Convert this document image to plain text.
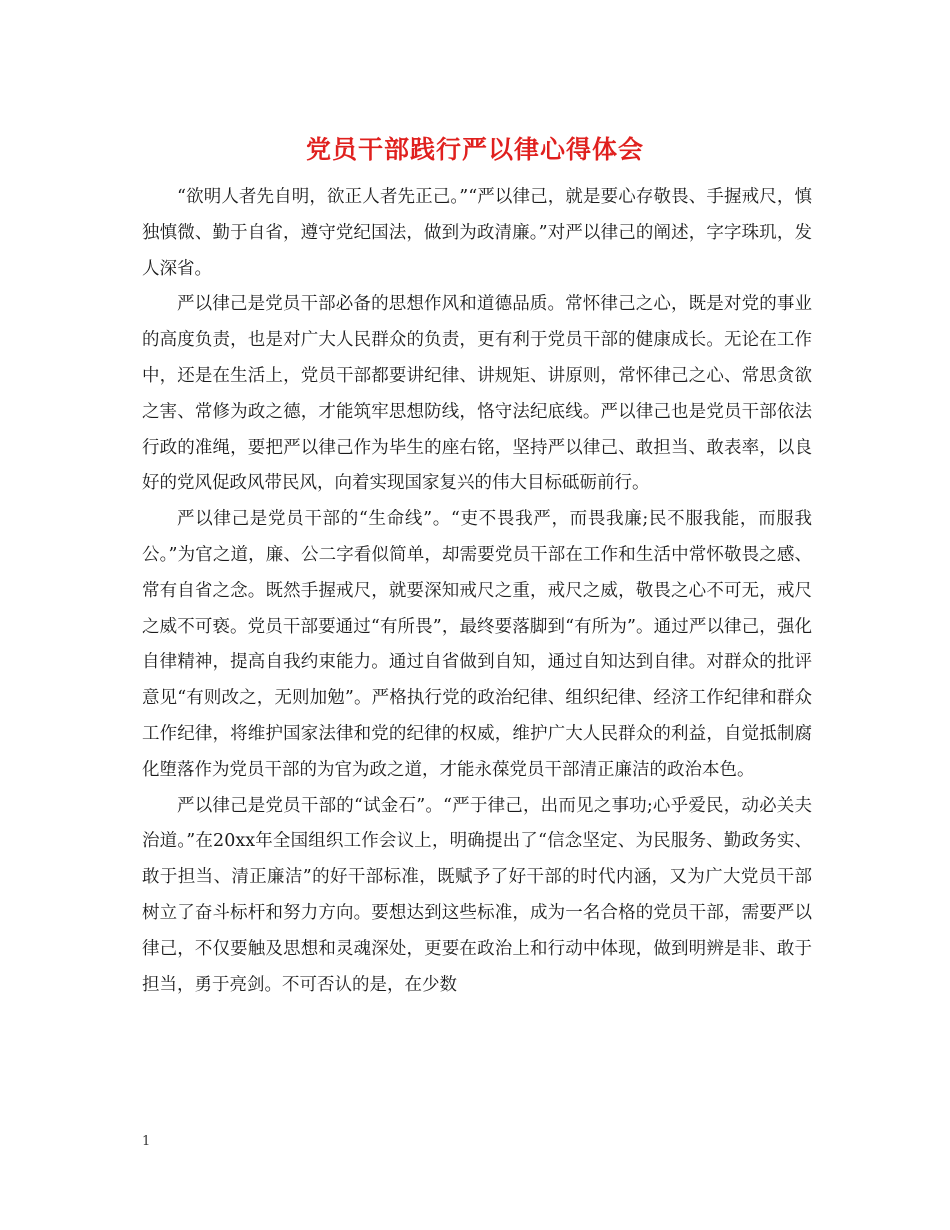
党员干部践行严以律心得体会

“欲明人者先自明，欲正人者先正己。”“严以律己，就是要心存敬畏、手握戒尺，慎独慎微、勤于自省，遵守党纪国法，做到为政清廉。”对严以律己的阐述，字字珠玑，发人深省。

严以律己是党员干部必备的思想作风和道德品质。常怀律己之心，既是对党的事业的高度负责，也是对广大人民群众的负责，更有利于党员干部的健康成长。无论在工作中，还是在生活上，党员干部都要讲纪律、讲规矩、讲原则，常怀律己之心、常思贪欲之害、常修为政之德，才能筑牢思想防线，恪守法纪底线。严以律己也是党员干部依法行政的准绳，要把严以律己作为毕生的座右铭，坚持严以律己、敢担当、敢表率，以良好的党风促政风带民风，向着实现国家复兴的伟大目标砥砺前行。

严以律己是党员干部的“生命线”。“吏不畏我严，而畏我廉;民不服我能，而服我公。”为官之道，廉、公二字看似简单，却需要党员干部在工作和生活中常怀敬畏之感、常有自省之念。既然手握戒尺，就要深知戒尺之重，戒尺之威，敬畏之心不可无，戒尺之威不可亵。党员干部要通过“有所畏”，最终要落脚到“有所为”。通过严以律己，强化自律精神，提高自我约束能力。通过自省做到自知，通过自知达到自律。对群众的批评意见“有则改之，无则加勉”。严格执行党的政治纪律、组织纪律、经济工作纪律和群众工作纪律，将维护国家法律和党的纪律的权威，维护广大人民群众的利益，自觉抵制腐化堕落作为党员干部的为官为政之道，才能永葆党员干部清正廉洁的政治本色。

严以律己是党员干部的“试金石”。“严于律己，出而见之事功;心乎爱民，动必关夫治道。”在20xx年全国组织工作会议上，明确提出了“信念坚定、为民服务、勤政务实、敢于担当、清正廉洁”的好干部标准，既赋予了好干部的时代内涵，又为广大党员干部树立了奋斗标杆和努力方向。要想达到这些标准，成为一名合格的党员干部，需要严以律己，不仅要触及思想和灵魂深处，更要在政治上和行动中体现，做到明辨是非、敢于担当，勇于亮剑。不可否认的是，在少数

1
